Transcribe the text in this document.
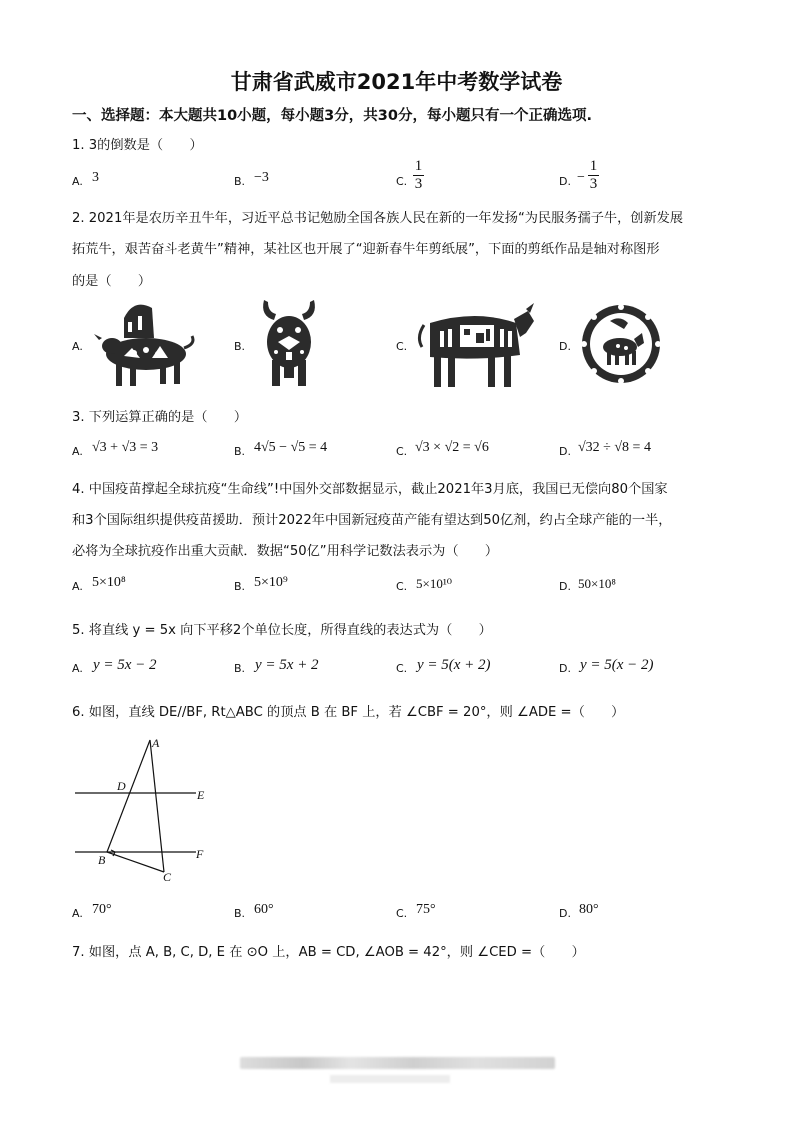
甘肃省武威市2021年中考数学试卷
一、选择题：本大题共10小题，每小题3分，共30分，每小题只有一个正确选项.
1. 3的倒数是（　　）
A. 3	B. −3	C. $\frac{1}{3}$	D. − $\frac{1}{3}$
2. 2021年是农历辛丑牛年，习近平总书记勉励全国各族人民在新的一年发扬“为民服务孺子牛，创新发展
拓荒牛，艰苦奋斗老黄牛”精神，某社区也开展了“迎新春牛年剪纸展”，下面的剪纸作品是轴对称图形
的是（　　）
A.	B.	C.	D.
3. 下列运算正确的是（　　）
A. √3 + √3 = 3	B. 4√5 − √5 = 4	C. √3 × √2 = √6	D. √32 ÷ √8 = 4
4. 中国疫苗撑起全球抗疫“生命线”!中国外交部数据显示，截止2021年3月底，我国已无偿向80个国家
和3个国际组织提供疫苗援助．预计2022年中国新冠疫苗产能有望达到50亿剂，约占全球产能的一半，
必将为全球抗疫作出重大贡献．数据“50亿”用科学记数法表示为（　　）
A. 5×10⁸	B. 5×10⁹	C. 5×10¹⁰	D. 50×10⁸
5. 将直线 y = 5x 向下平移2个单位长度，所得直线的表达式为（　　）
A. y = 5x − 2	B. y = 5x + 2	C. y = 5(x + 2)	D. y = 5(x − 2)
6. 如图，直线 DE//BF, Rt△ABC 的顶点 B 在 BF 上，若 ∠CBF = 20°，则 ∠ADE =（　　）
A
D
E
B	F
C
A. 70°	B. 60°	C. 75°	D. 80°
7. 如图，点 A, B, C, D, E 在 ⊙O 上，AB = CD, ∠AOB = 42°，则 ∠CED =（　　）
